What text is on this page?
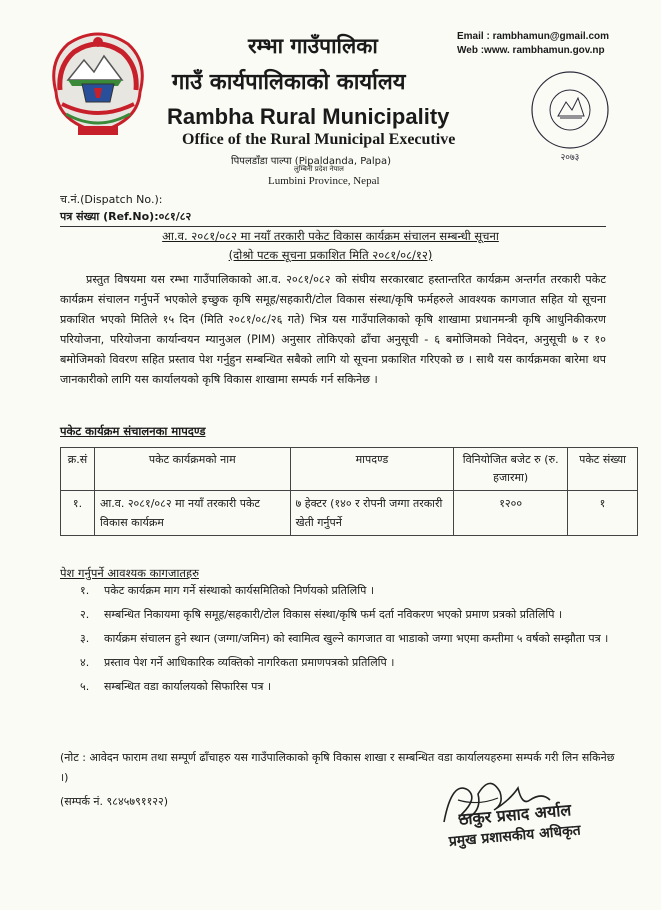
रम्भा गाउँपालिका
गाउँ कार्यपालिकाको कार्यालय
Rambha Rural Municipality
Office of the Rural Municipal Executive
पिपलडाँडा पाल्पा (Pipaldanda, Palpa)
लुम्बिनी प्रदेश नेपाल
Lumbini Province, Nepal
Email : rambhamun@gmail.com
Web :www. rambhamun.gov.np
२०७३
च.नं.(Dispatch No.):
पत्र संख्या (Ref.No):०८१/८२
आ.व. २०८१/०८२ मा नयाँ तरकारी पकेट विकास कार्यक्रम संचालन सम्बन्धी सूचना
(दोश्रो पटक सूचना प्रकाशित मिति २०८१/०८/१२)
प्रस्तुत विषयमा यस रम्भा गाउँपालिकाको आ.व. २०८१/०८२ को संघीय सरकारबाट हस्तान्तरित कार्यक्रम अन्तर्गत तरकारी पकेट कार्यक्रम संचालन गर्नुपर्ने भएकोले इच्छुक कृषि समूह/सहकारी/टोल विकास संस्था/कृषि फर्महरुले आवश्यक कागजात सहित यो सूचना प्रकाशित भएको मितिले १५ दिन (मिति २०८१/०८/२६ गते) भित्र यस गाउँपालिकाको कृषि शाखामा प्रधानमन्त्री कृषि आधुनिकीकरण परियोजना, परियोजना कार्यान्वयन म्यानुअल (PIM) अनुसार तोकिएको ढाँचा अनुसूची - ६ बमोजिमको निवेदन, अनुसूची ७ र १० बमोजिमको विवरण सहित प्रस्ताव पेश गर्नुहुन सम्बन्धित सबैको लागि यो सूचना प्रकाशित गरिएको छ । साथै यस कार्यक्रमका बारेमा थप जानकारीको लागि यस कार्यालयको कृषि विकास शाखामा सम्पर्क गर्न सकिनेछ ।
पकेट कार्यक्रम संचालनका मापदण्ड
क्र.सं	पकेट कार्यक्रमको नाम	मापदण्ड	विनियोजित बजेट रु (रु. हजारमा)	पकेट संख्या
१.	आ.व. २०८१/०८२ मा नयाँ तरकारी पकेट विकास कार्यक्रम	७ हेक्टर (१४० र रोपनी जग्गा तरकारी खेती गर्नुपर्ने	१२००	१
पेश गर्नुपर्ने आवश्यक कागजातहरु
१. पकेट कार्यक्रम माग गर्ने संस्थाको कार्यसमितिको निर्णयको प्रतिलिपि ।
२. सम्बन्धित निकायमा कृषि समूह/सहकारी/टोल विकास संस्था/कृषि फर्म दर्ता नविकरण भएको प्रमाण प्रत्रको प्रतिलिपि ।
३. कार्यक्रम संचालन हुने स्थान (जग्गा/जमिन) को स्वामित्व खुल्ने कागजात वा भाडाको जग्गा भएमा कम्तीमा ५ वर्षको सम्झौता पत्र ।
४. प्रस्ताव पेश गर्ने आधिकारिक व्यक्तिको नागरिकता प्रमाणपत्रको प्रतिलिपि ।
५. सम्बन्धित वडा कार्यालयको सिफारिस पत्र ।
(नोट : आवेदन फाराम तथा सम्पूर्ण ढाँचाहरु यस गाउँपालिकाको कृषि विकास शाखा र सम्बन्धित वडा कार्यालयहरुमा सम्पर्क गरी लिन सकिनेछ ।)
(सम्पर्क नं. ९८४५७९११२२)	ठाकुर प्रसाद अर्याल
प्रमुख प्रशासकीय अधिकृत
